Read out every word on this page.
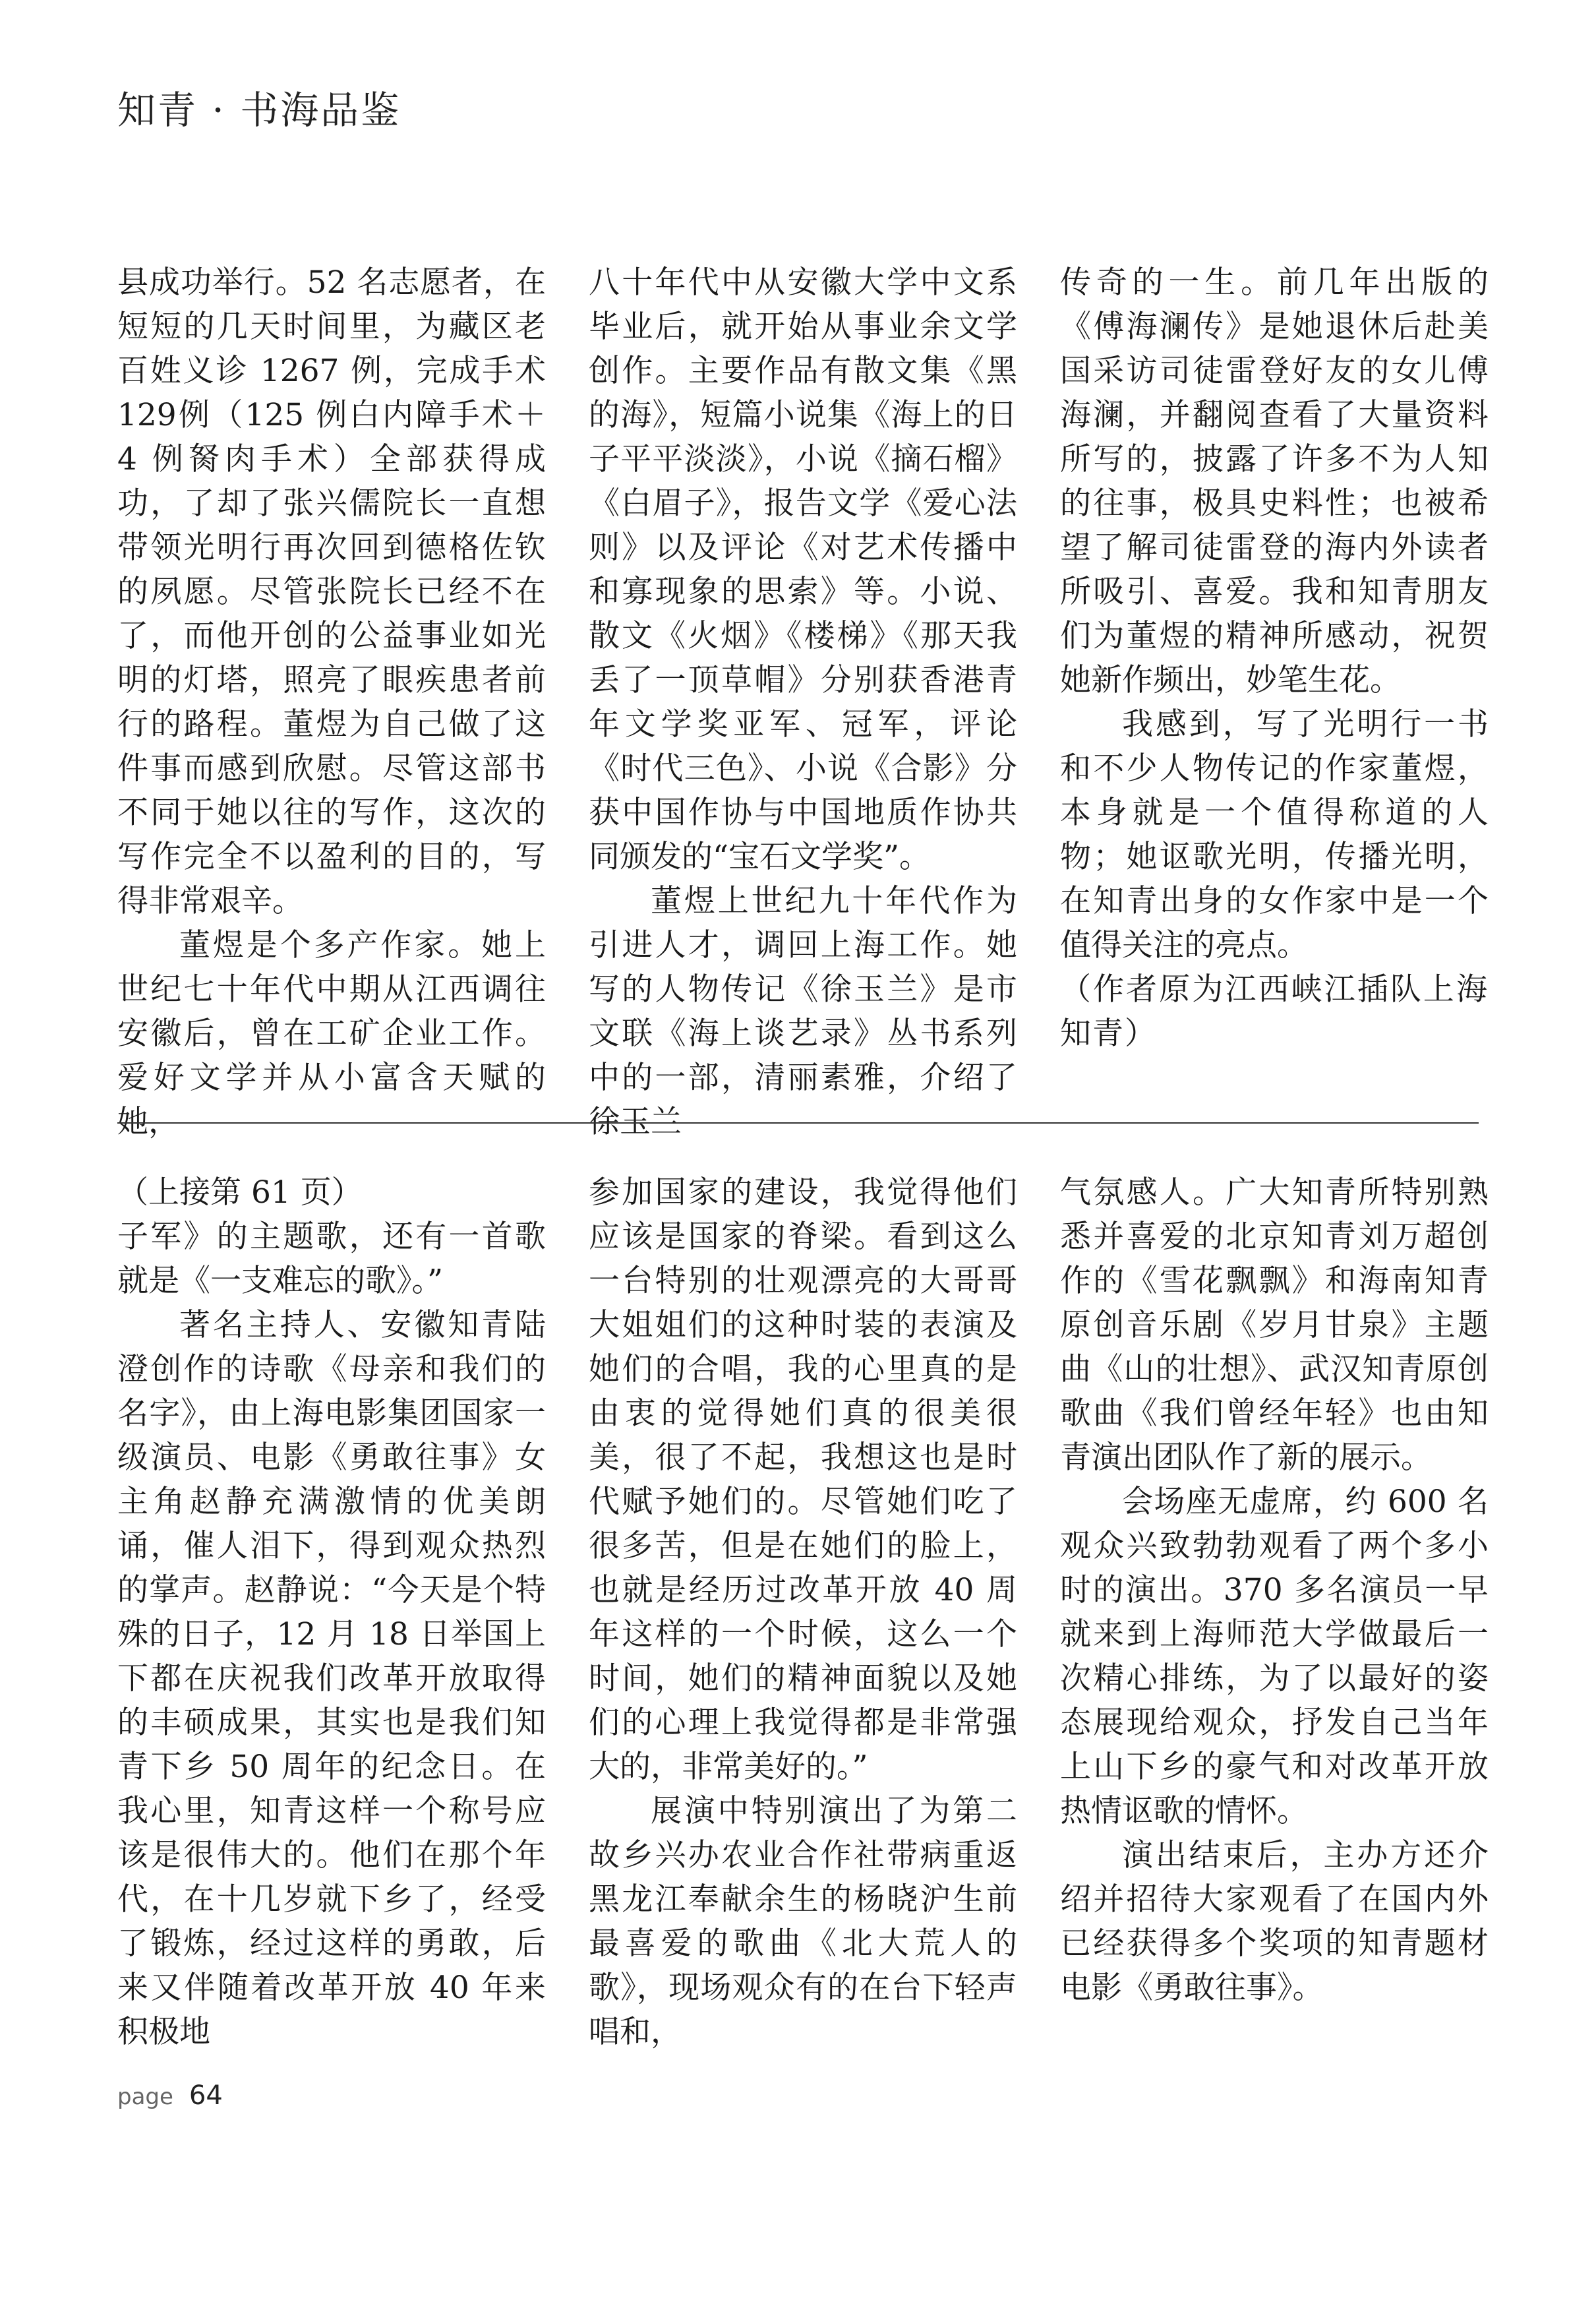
知青 · 书海品鉴

县成功举行。52 名志愿者，在短短的几天时间里，为藏区老百姓义诊 1267 例，完成手术 129例（125 例白内障手术＋ 4 例胬肉手术）全部获得成功，了却了张兴儒院长一直想带领光明行再次回到德格佐钦的夙愿。尽管张院长已经不在了，而他开创的公益事业如光明的灯塔，照亮了眼疾患者前行的路程。董煜为自己做了这件事而感到欣慰。尽管这部书不同于她以往的写作，这次的写作完全不以盈利的目的，写得非常艰辛。

董煜是个多产作家。她上世纪七十年代中期从江西调往安徽后，曾在工矿企业工作。爱好文学并从小富含天赋的她，

八十年代中从安徽大学中文系毕业后，就开始从事业余文学创作。主要作品有散文集《黑的海》，短篇小说集《海上的日子平平淡淡》，小说《摘石榴》《白眉子》，报告文学《爱心法则》以及评论《对艺术传播中和寡现象的思索》等。小说、散文《火烟》《楼梯》《那天我丢了一顶草帽》分别获香港青年文学奖亚军、冠军，评论《时代三色》、小说《合影》分获中国作协与中国地质作协共同颁发的“宝石文学奖”。

董煜上世纪九十年代作为引进人才，调回上海工作。她写的人物传记《徐玉兰》是市文联《海上谈艺录》丛书系列中的一部，清丽素雅，介绍了徐玉兰

传奇的一生。前几年出版的《傅海澜传》是她退休后赴美国采访司徒雷登好友的女儿傅海澜，并翻阅查看了大量资料所写的，披露了许多不为人知的往事，极具史料性；也被希望了解司徒雷登的海内外读者所吸引、喜爱。我和知青朋友们为董煜的精神所感动，祝贺她新作频出，妙笔生花。

我感到，写了光明行一书和不少人物传记的作家董煜，本身就是一个值得称道的人物；她讴歌光明，传播光明，在知青出身的女作家中是一个值得关注的亮点。

（作者原为江西峡江插队上海知青）

（上接第 61 页）

子军》的主题歌，还有一首歌就是《一支难忘的歌》。”

著名主持人、安徽知青陆澄创作的诗歌《母亲和我们的名字》，由上海电影集团国家一级演员、电影《勇敢往事》女主角赵静充满激情的优美朗诵，催人泪下，得到观众热烈的掌声。赵静说：“今天是个特殊的日子，12 月 18 日举国上下都在庆祝我们改革开放取得的丰硕成果，其实也是我们知青下乡 50 周年的纪念日。在我心里，知青这样一个称号应该是很伟大的。他们在那个年代，在十几岁就下乡了，经受了锻炼，经过这样的勇敢，后来又伴随着改革开放 40 年来积极地

参加国家的建设，我觉得他们应该是国家的脊梁。看到这么一台特别的壮观漂亮的大哥哥大姐姐们的这种时装的表演及她们的合唱，我的心里真的是由衷的觉得她们真的很美很美，很了不起，我想这也是时代赋予她们的。尽管她们吃了很多苦，但是在她们的脸上，也就是经历过改革开放 40 周年这样的一个时候，这么一个时间，她们的精神面貌以及她们的心理上我觉得都是非常强大的，非常美好的。”

展演中特别演出了为第二故乡兴办农业合作社带病重返黑龙江奉献余生的杨晓沪生前最喜爱的歌曲《北大荒人的歌》，现场观众有的在台下轻声唱和，

气氛感人。广大知青所特别熟悉并喜爱的北京知青刘万超创作的《雪花飘飘》和海南知青原创音乐剧《岁月甘泉》主题曲《山的壮想》、武汉知青原创歌曲《我们曾经年轻》也由知青演出团队作了新的展示。

会场座无虚席，约 600 名观众兴致勃勃观看了两个多小时的演出。370 多名演员一早就来到上海师范大学做最后一次精心排练，为了以最好的姿态展现给观众，抒发自己当年上山下乡的豪气和对改革开放热情讴歌的情怀。

演出结束后，主办方还介绍并招待大家观看了在国内外已经获得多个奖项的知青题材电影《勇敢往事》。

page 64
